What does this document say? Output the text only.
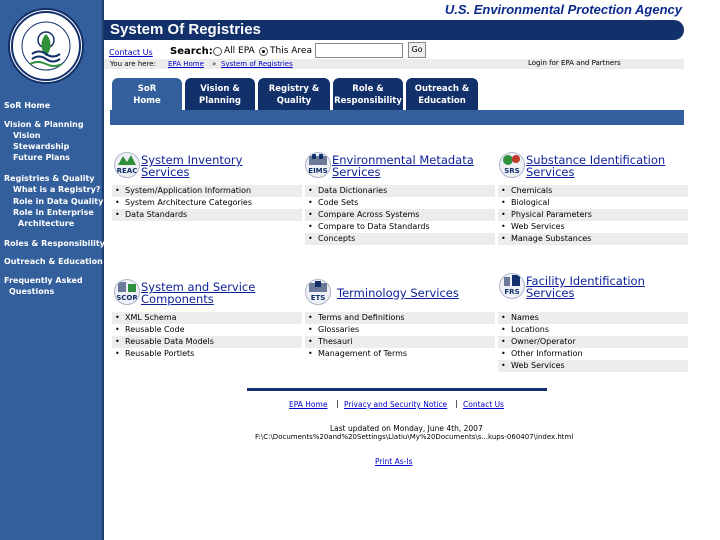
SoR Home
Vision & Planning
Vision
Stewardship
Future Plans
Registries & Quality
What is a Registry?
Role in Data Quality
Role in Enterprise
Architecture
Roles & Responsibility
Outreach & Education
Frequently Asked
Questions
U.S. Environmental Protection Agency
System Of Registries
Contact Us Search: All EPA This Area	Go
You are here: EPA Home » System of Registries	Login for EPA and Partners
SoR
Home
Vision &
Planning
Registry &
Quality
Role &
Responsibility
Outreach &
Education
REAC
System Inventory
Services
• System/Application Information
• System Architecture Categories
• Data Standards
EIMS
Environmental Metadata
Services
• Data Dictionaries
• Code Sets
• Compare Across Systems
• Compare to Data Standards
• Concepts
SRS
Substance Identification
Services
• Chemicals
• Biological
• Physical Parameters
• Web Services
• Manage Substances
SCOR
System and Service
Components
• XML Schema
• Reusable Code
• Reusable Data Models
• Reusable Portlets
ETS	Terminology Services
• Terms and Definitions
• Glossaries
• Thesauri
• Management of Terms
FRS
Facility Identification
Services
• Names
• Locations
• Owner/Operator
• Other Information
• Web Services
EPA Home | Privacy and Security Notice | Contact Us
Last updated on Monday, June 4th, 2007
F:\C:\Documents%20and%20Settings\Llatiu\My%20Documents\s...kups-060407\index.html
Print As-Is
